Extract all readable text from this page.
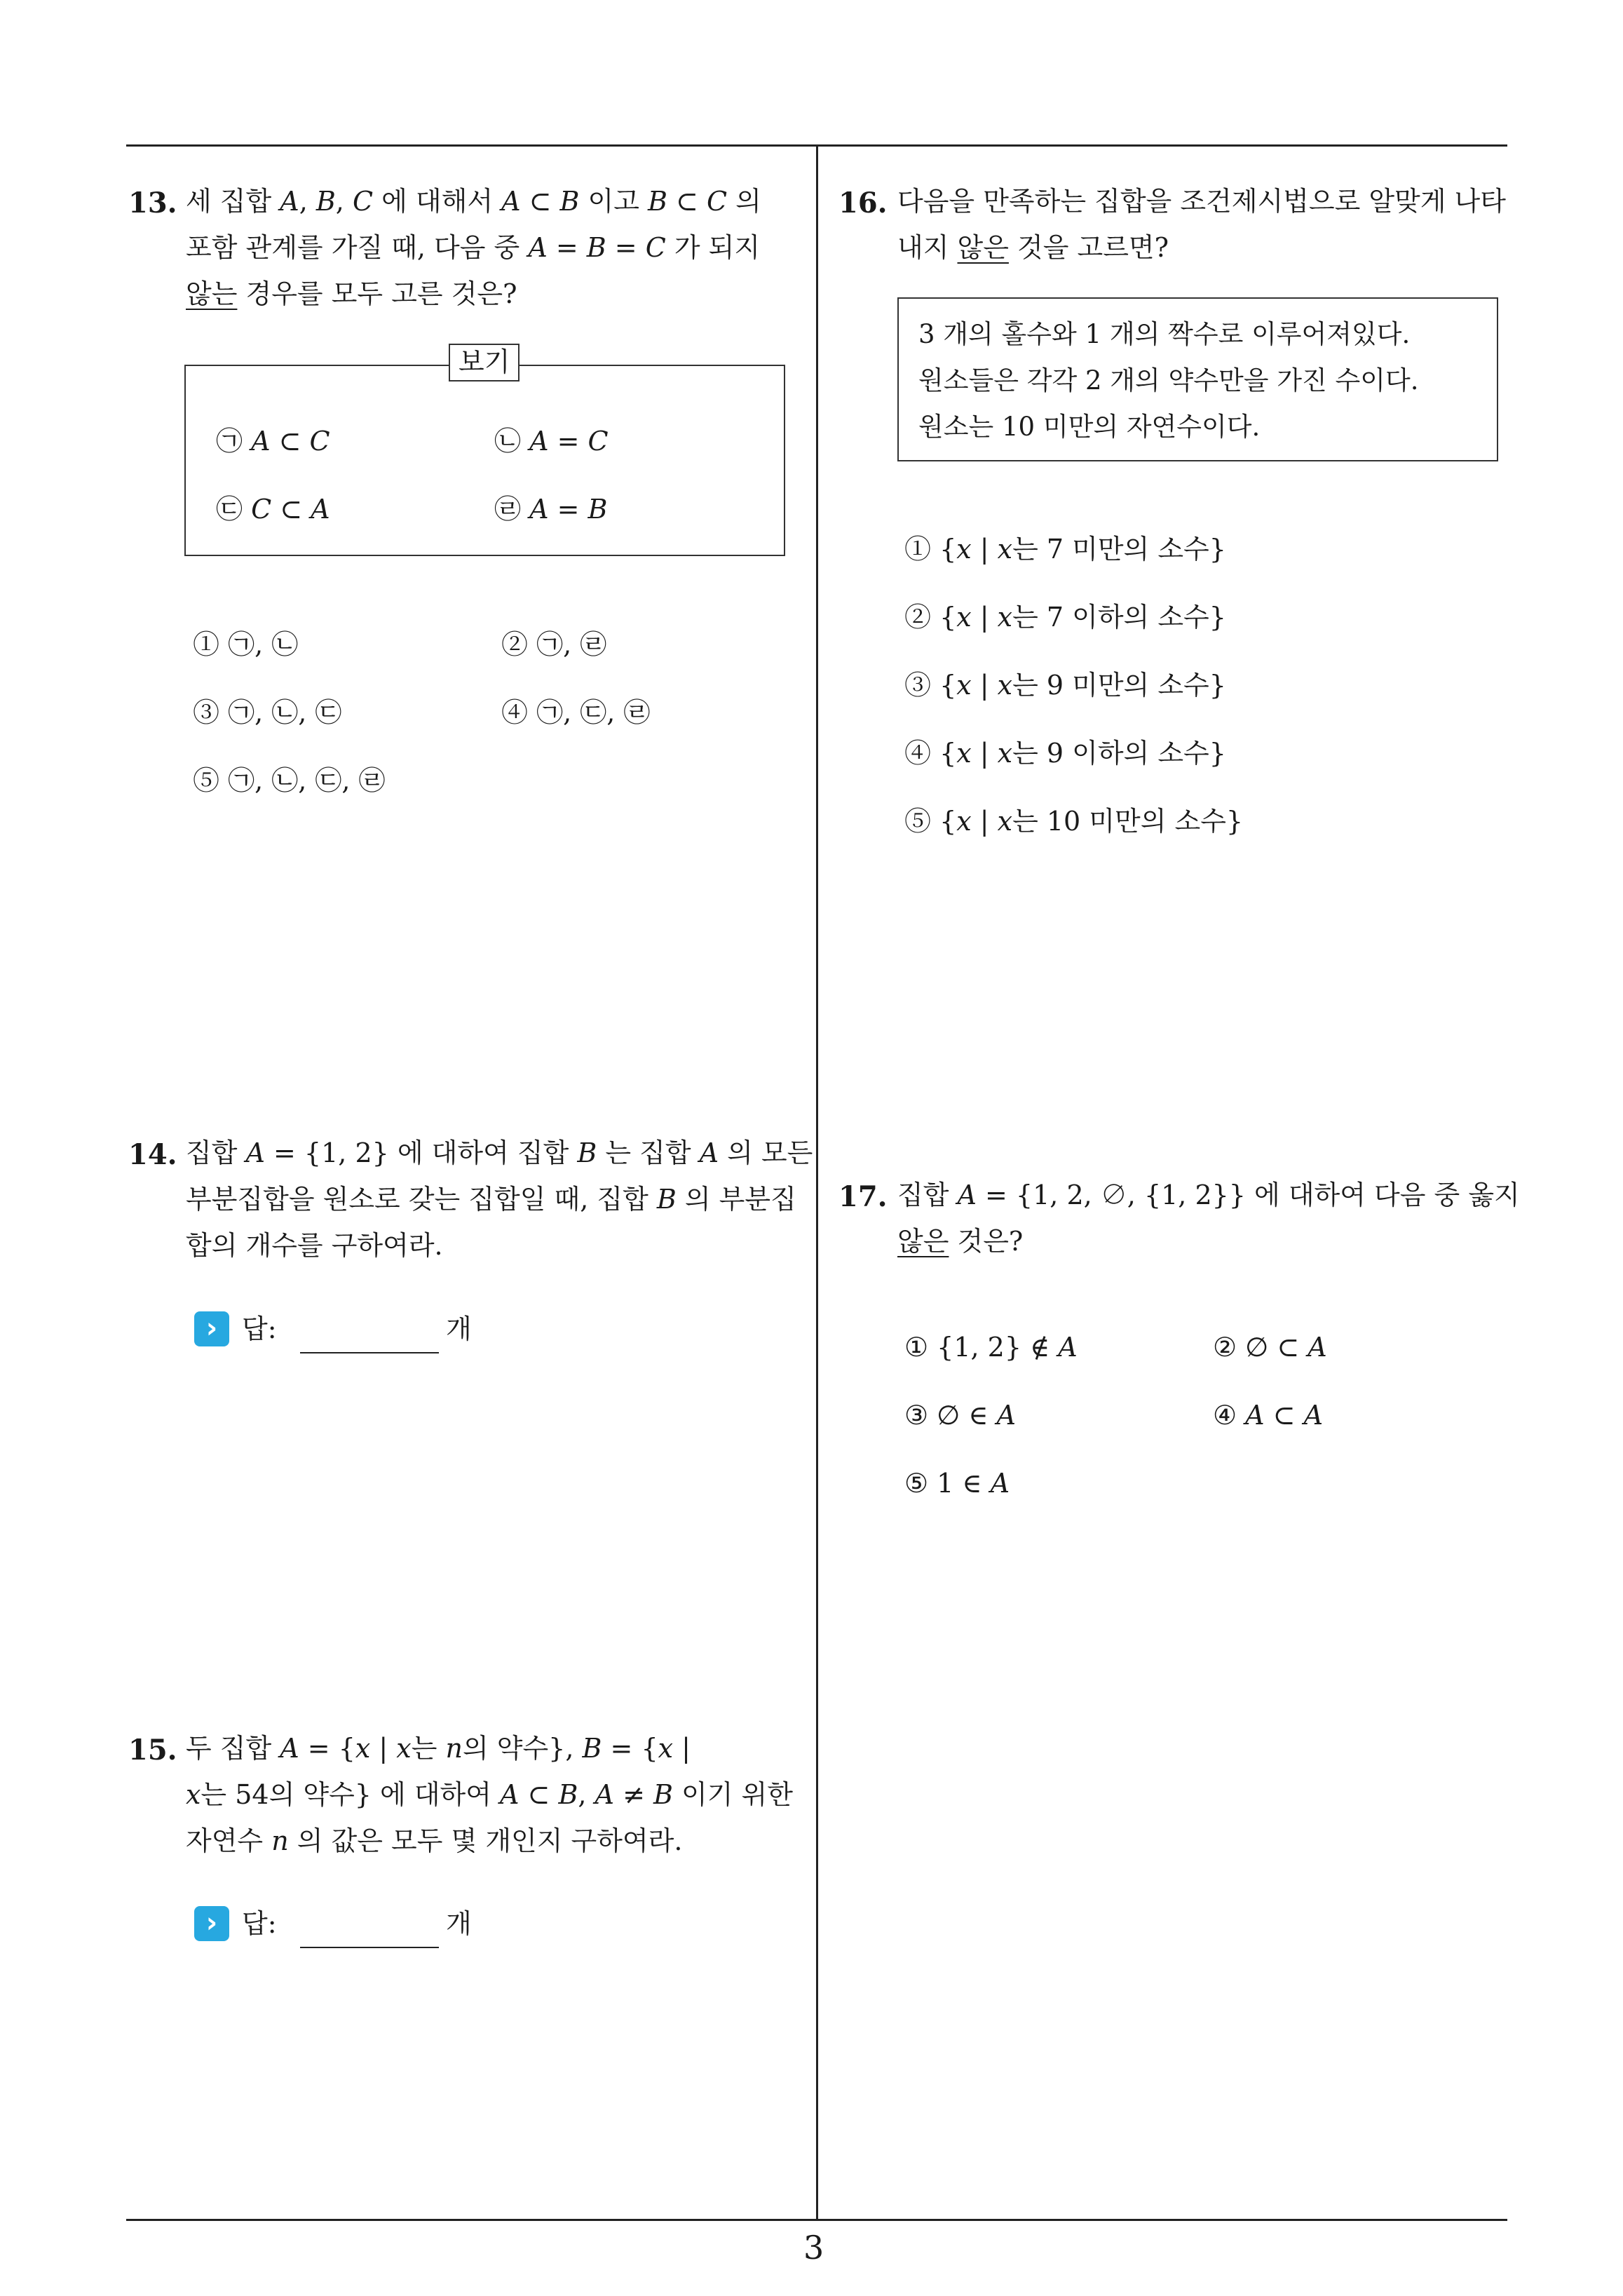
13. 세 집합 𝐴, 𝐵, 𝐶 에 대해서 𝐴 ⊂ 𝐵 이고 𝐵 ⊂ 𝐶 의
포함 관계를 가질 때, 다음 중 𝐴 = 𝐵 = 𝐶 가 되지
않는 경우를 모두 고른 것은?
보기
㉠ 𝐴 ⊂ 𝐶	㉡ 𝐴 = 𝐶
㉢ 𝐶 ⊂ 𝐴	㉣ 𝐴 = 𝐵
① ㉠, ㉡	② ㉠, ㉣
③ ㉠, ㉡, ㉢	④ ㉠, ㉢, ㉣
⑤ ㉠, ㉡, ㉢, ㉣
14. 집합 𝐴 = {1, 2} 에 대하여 집합 𝐵 는 집합 𝐴 의 모든
부분집합을 원소로 갖는 집합일 때, 집합 𝐵 의 부분집
합의 개수를 구하여라.
› 답:	개
15. 두 집합 𝐴 = {𝑥 | 𝑥는 𝑛의 약수}, 𝐵 = {𝑥 |
𝑥는 54의 약수} 에 대하여 𝐴 ⊂ 𝐵, 𝐴 ≠ 𝐵 이기 위한
자연수 𝑛 의 값은 모두 몇 개인지 구하여라.
› 답:	개
16. 다음을 만족하는 집합을 조건제시법으로 알맞게 나타
내지 않은 것을 고르면?
3 개의 홀수와 1 개의 짝수로 이루어져있다.
원소들은 각각 2 개의 약수만을 가진 수이다.
원소는 10 미만의 자연수이다.
① {𝑥 | 𝑥는 7 미만의 소수}
② {𝑥 | 𝑥는 7 이하의 소수}
③ {𝑥 | 𝑥는 9 미만의 소수}
④ {𝑥 | 𝑥는 9 이하의 소수}
⑤ {𝑥 | 𝑥는 10 미만의 소수}
17. 집합 𝐴 = {1, 2, ∅, {1, 2}} 에 대하여 다음 중 옳지
않은 것은?
① {1, 2} ∉ 𝐴	② ∅ ⊂ 𝐴
③ ∅ ∈ 𝐴	④ 𝐴 ⊂ 𝐴
⑤ 1 ∈ 𝐴
3
